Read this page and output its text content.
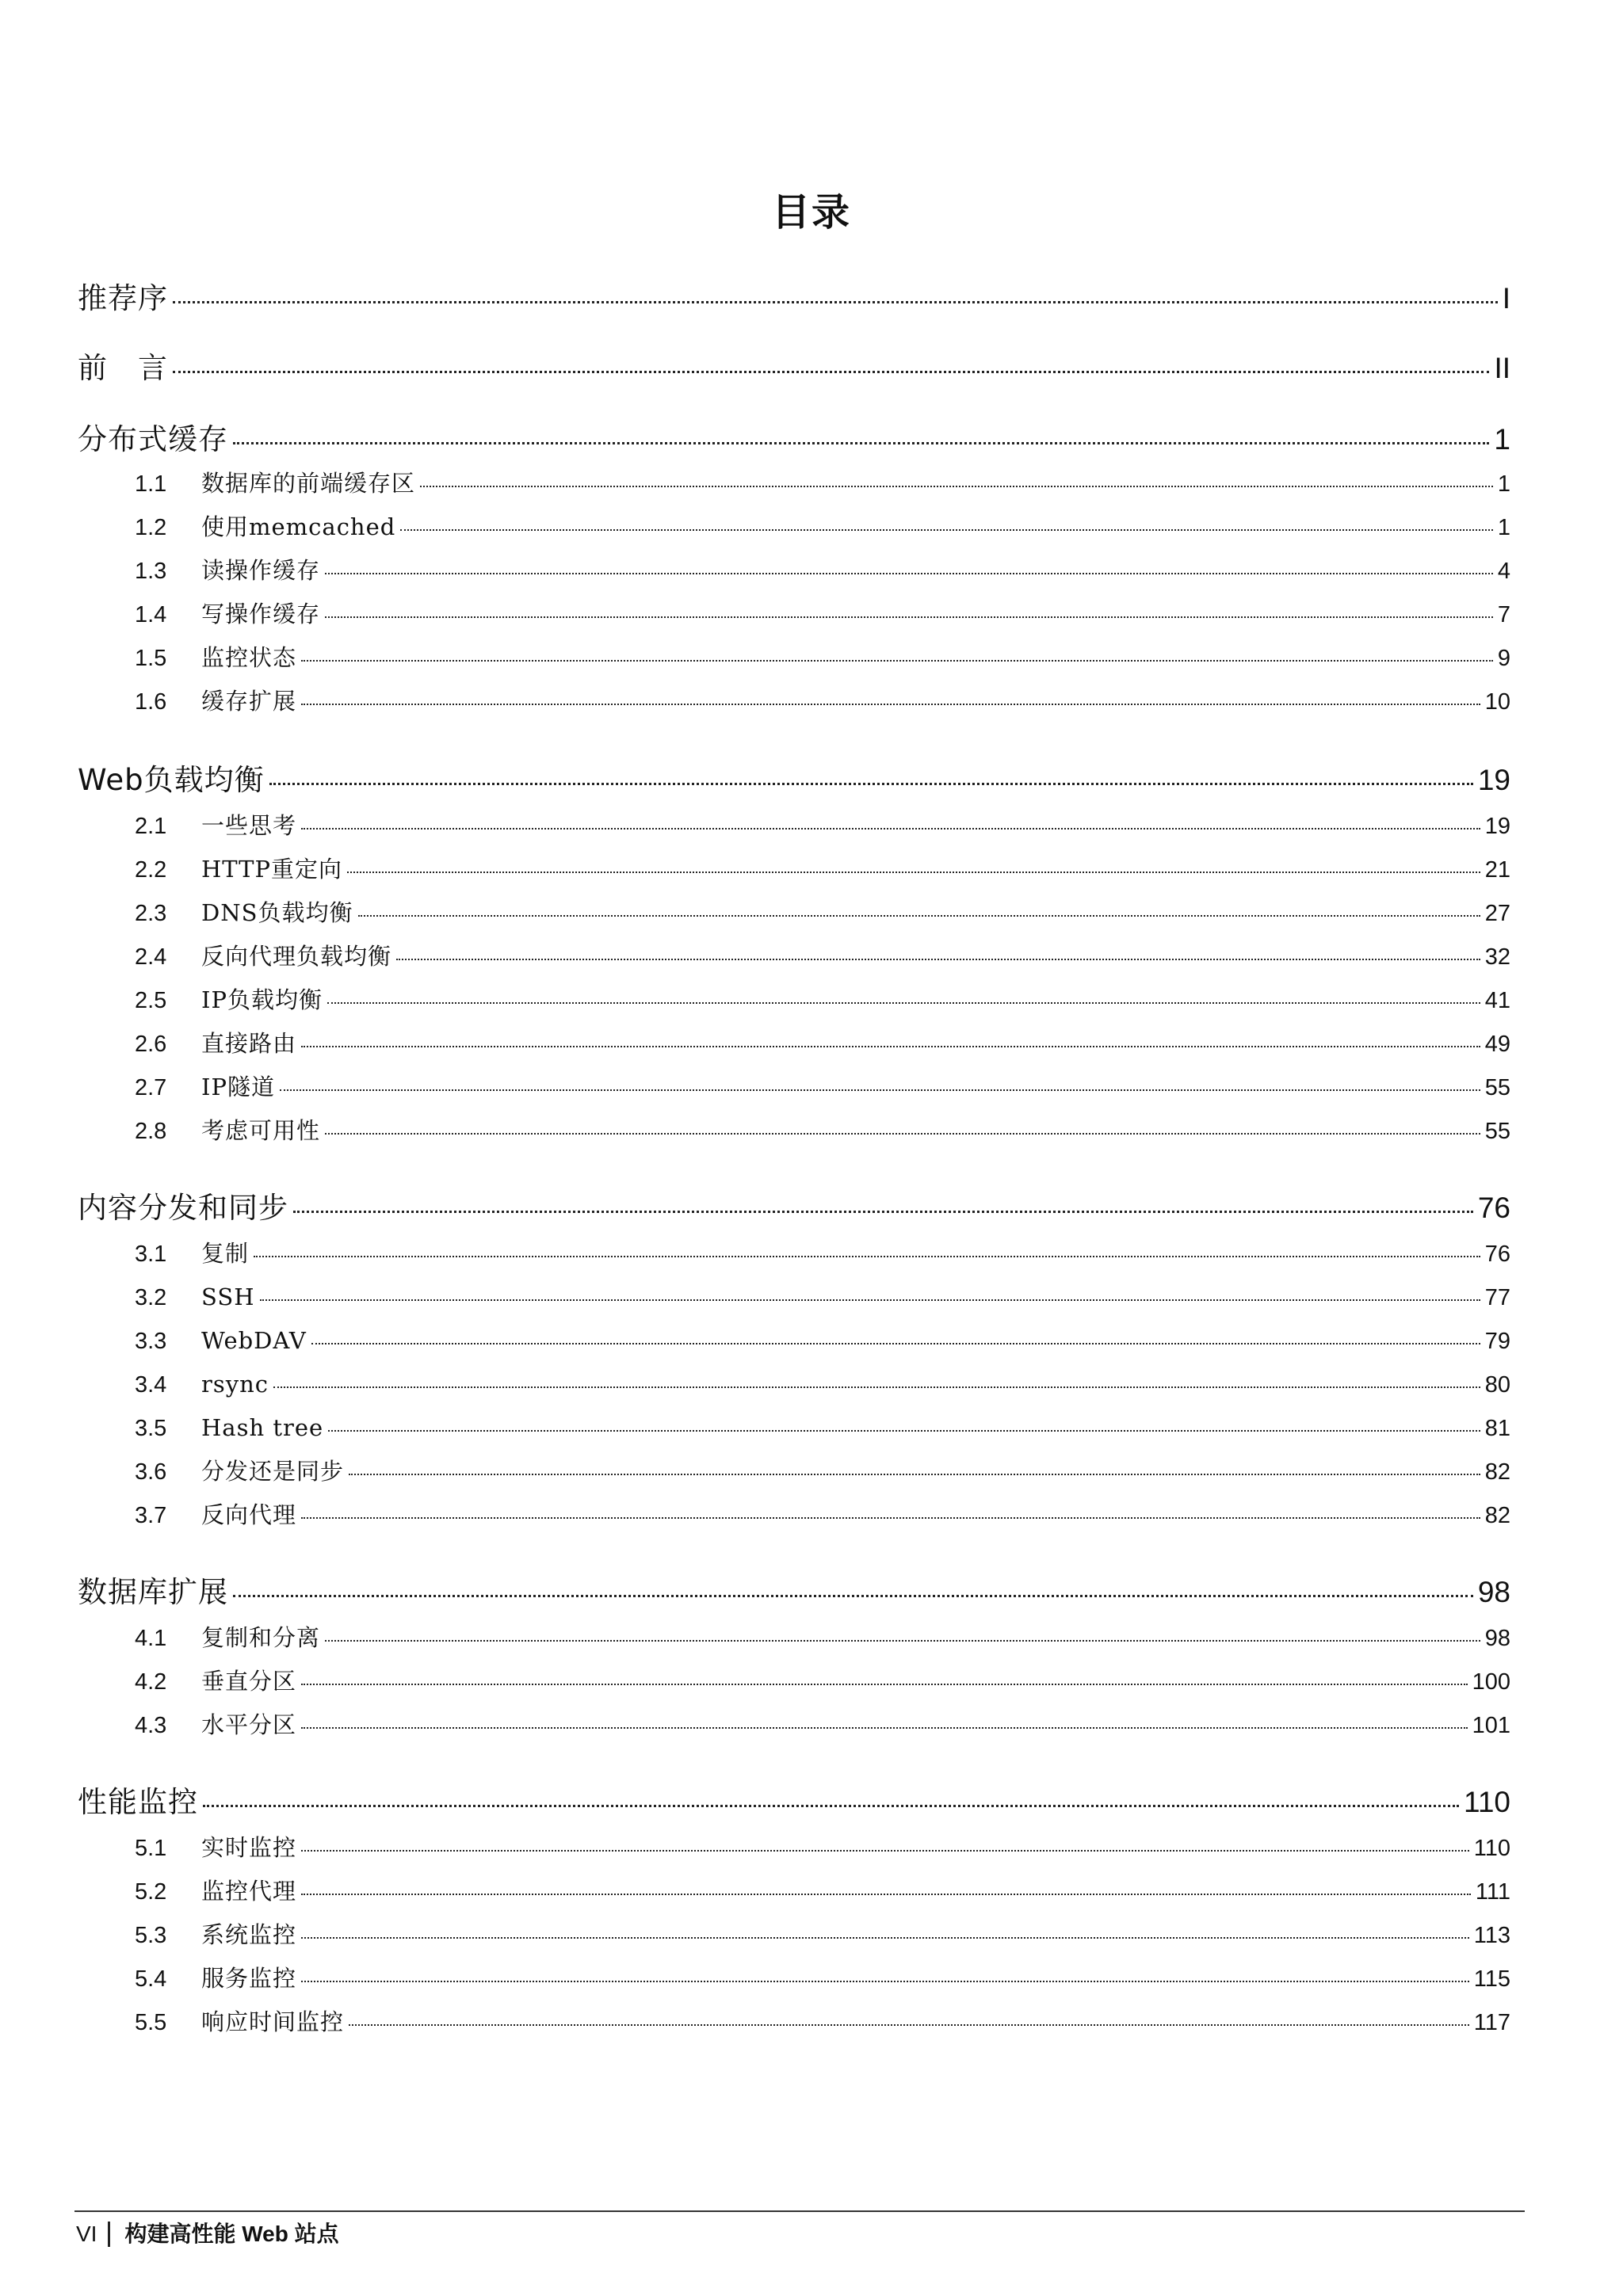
目录
推荐序	I
前　言	II
分布式缓存	1
1.1	数据库的前端缓存区	1
1.2	使用memcached	1
1.3	读操作缓存	4
1.4	写操作缓存	7
1.5	监控状态	9
1.6	缓存扩展	10
Web负载均衡	19
2.1	一些思考	19
2.2	HTTP重定向	21
2.3	DNS负载均衡	27
2.4	反向代理负载均衡	32
2.5	IP负载均衡	41
2.6	直接路由	49
2.7	IP隧道	55
2.8	考虑可用性	55
内容分发和同步	76
3.1	复制	76
3.2	SSH	77
3.3	WebDAV	79
3.4	rsync	80
3.5	Hash tree	81
3.6	分发还是同步	82
3.7	反向代理	82
数据库扩展	98
4.1	复制和分离	98
4.2	垂直分区	100
4.3	水平分区	101
性能监控	110
5.1	实时监控	110
5.2	监控代理	111
5.3	系统监控	113
5.4	服务监控	115
5.5	响应时间监控	117
VI 构建高性能 Web 站点
